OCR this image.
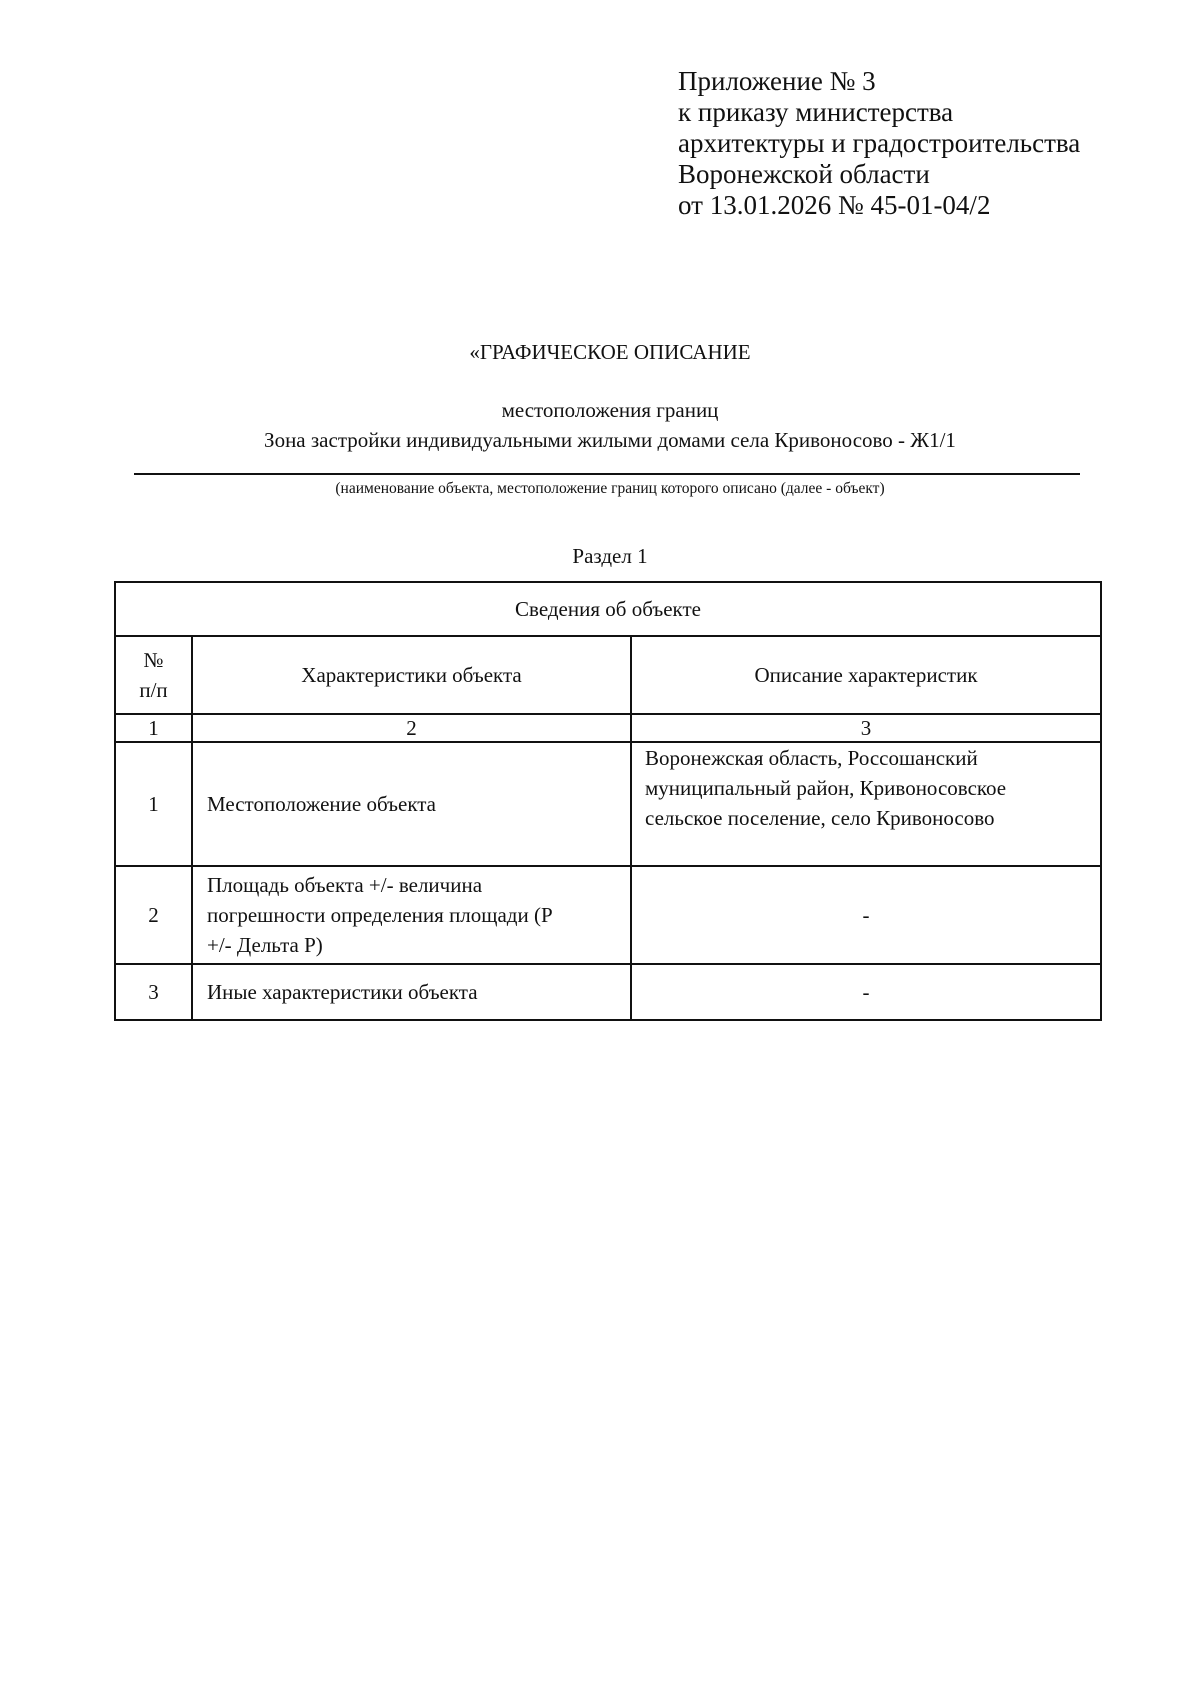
Приложение № 3
к приказу министерства
архитектуры и градостроительства
Воронежской области
от 13.01.2026 № 45-01-04/2
«ГРАФИЧЕСКОЕ ОПИСАНИЕ
местоположения границ
Зона застройки индивидуальными жилыми домами села Кривоносово - Ж1/1
(наименование объекта, местоположение границ которого описано (далее - объект)
Раздел 1
Сведения об объекте		

№
п/п	Характеристики объекта	Описание характеристик
1	2	3
1	Местоположение объекта	Воронежская область, Россошанский
муниципальный район, Кривоносовское
сельское поселение, село Кривоносово

2	Площадь объекта +/- величина
погрешности определения площади (P
+/- Дельта P)	-
3	Иные характеристики объекта	-
